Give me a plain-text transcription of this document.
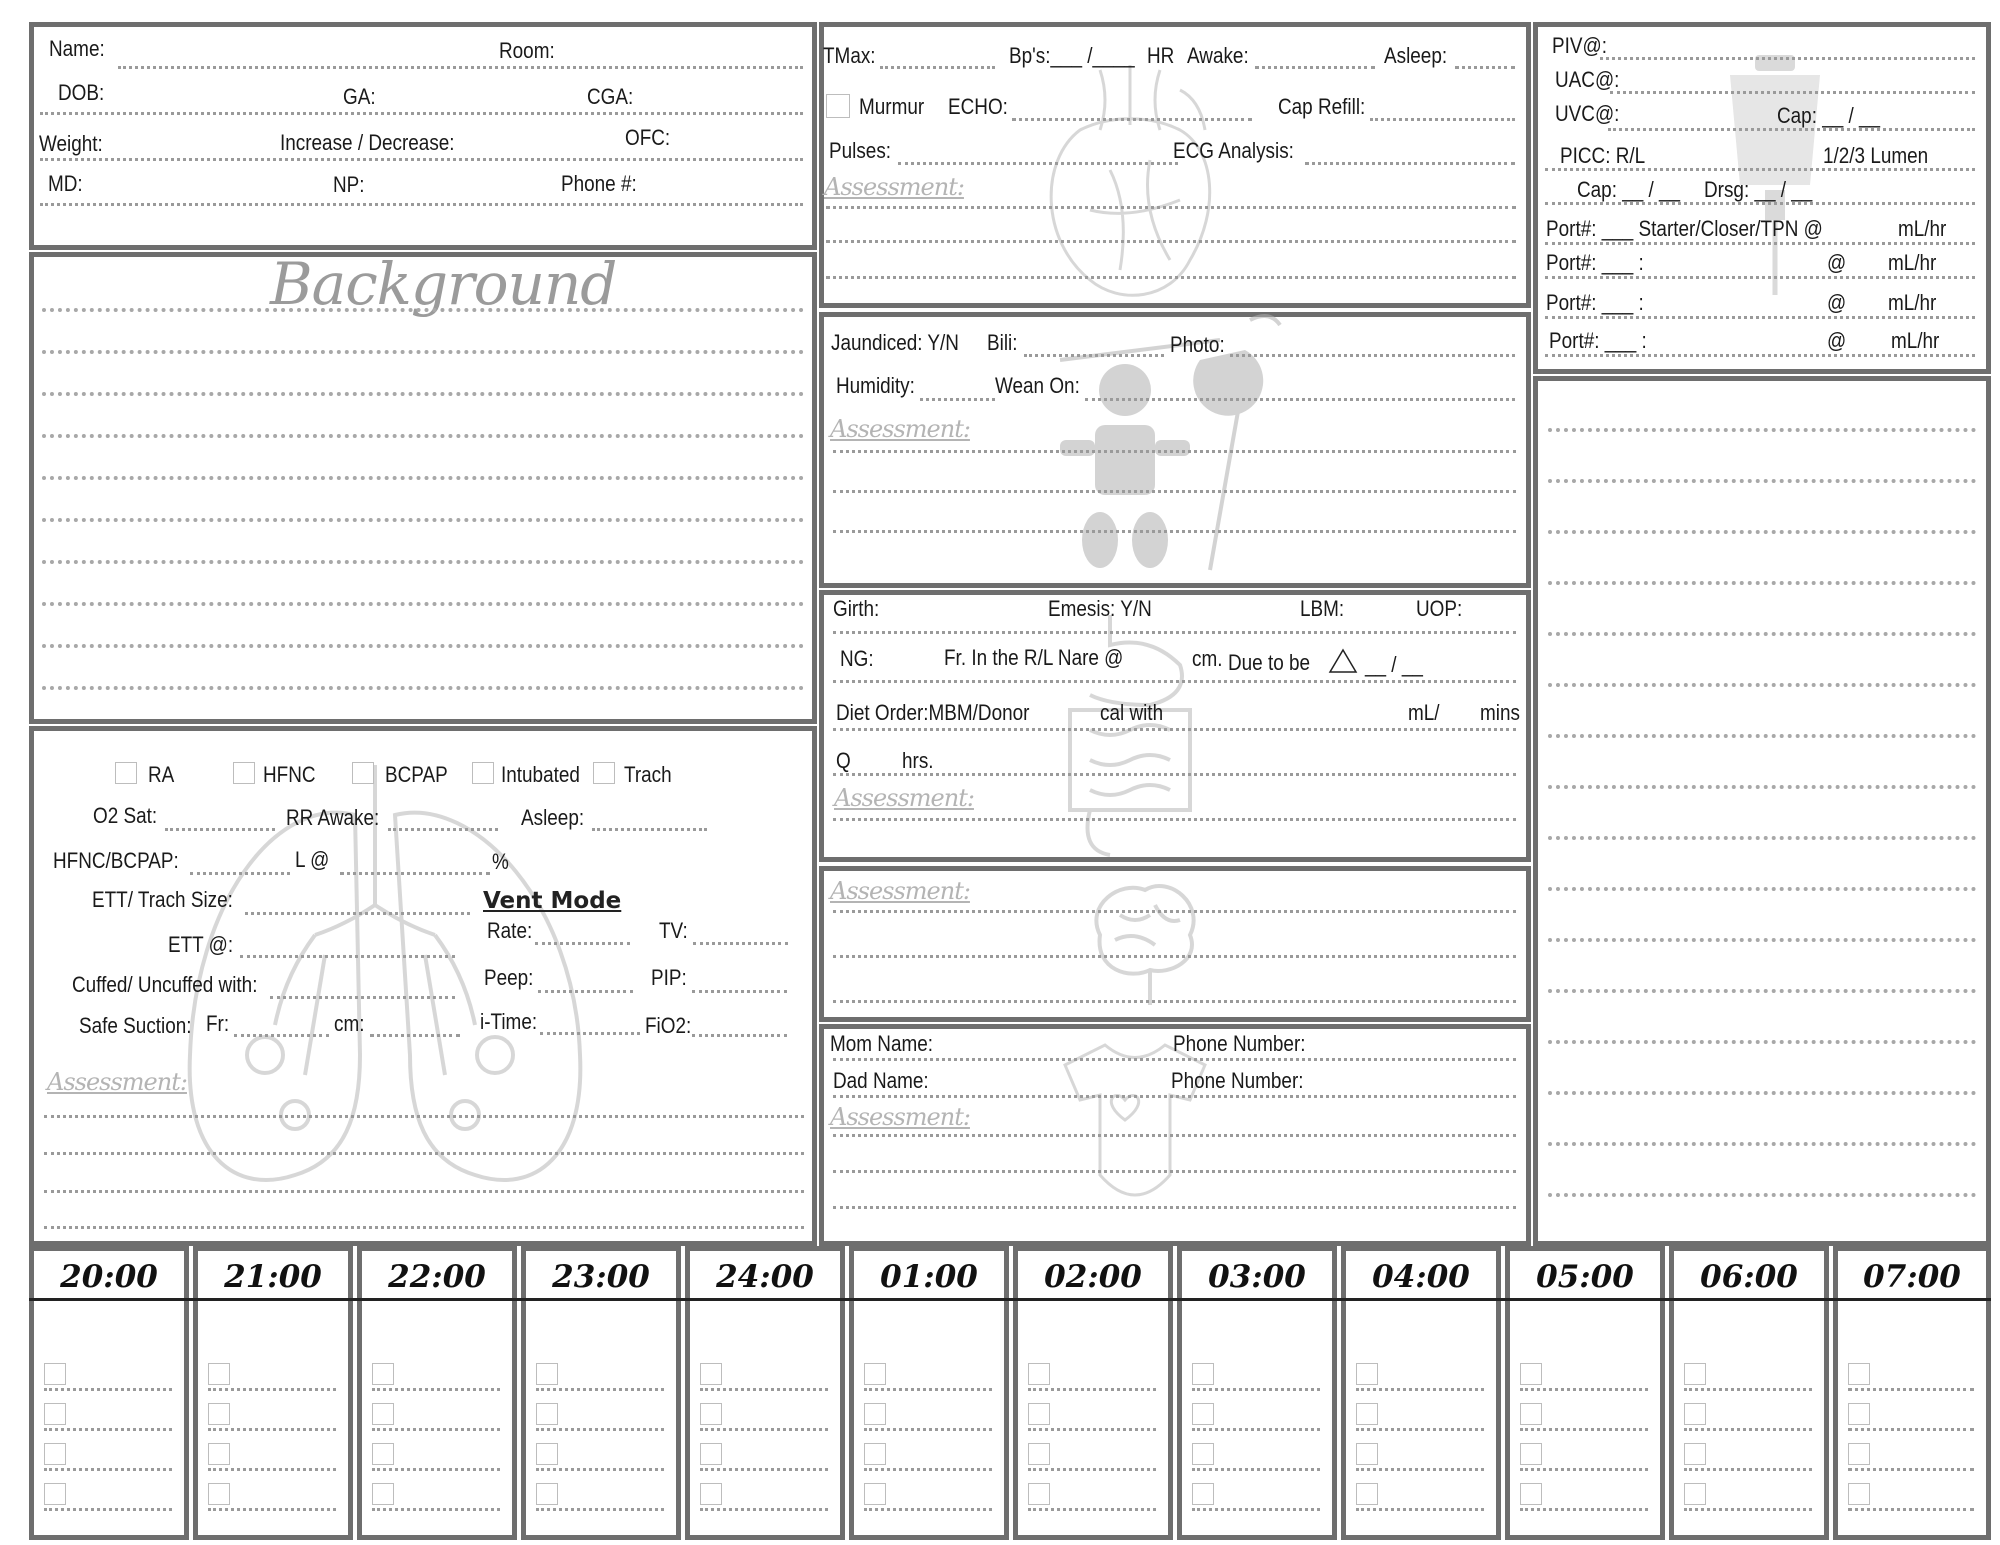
Name:	Room:
DOB:	GA:	CGA:
Weight:	Increase / Decrease:	OFC:
MD:	NP:	Phone #:
Background
RA	HFNC	BCPAP Intubated Trach
O2 Sat:	RR Awake:	Asleep:
HFNC/BCPAP:	L @	%
ETT/ Trach Size:	Vent Mode
ETT @:
Rate:	TV:
Cuffed/ Uncuffed with:	Peep:	PIP:
Safe Suction: Fr:	cm:	i-Time:	FiO2:
Assessment:
TMax:	Bp's:___ /____ HR Awake:	Asleep:
Murmur ECHO:	Cap Refill:
Pulses:	ECG Analysis:
Assessment:
Jaundiced: Y/N Bili:	Photo:
Humidity:	Wean On:
Assessment:
Girth:	Emesis: Y/N	LBM:	UOP:
NG:	Fr. In the R/L Nare @	cm. Due to be __ / __
Diet Order:MBM/Donor	cal with	mL/ mins
Q hrs.
Assessment:
Assessment:
Mom Name:	Phone Number:
Dad Name:	Phone Number:
Assessment:
PIV@:
UAC@:
UVC@:	Cap: __ / __
PICC: R/L	1/2/3 Lumen
Cap: __ / __ Drsg: __ / __
Port#: ___ Starter/Closer/TPN @	mL/hr
Port#: ___ :	@ mL/hr
Port#: ___ :	@ mL/hr
Port#: ___ :	@ mL/hr
20:00	21:00	22:00	23:00	24:00	01:00	02:00	03:00	04:00	05:00	06:00	07:00
